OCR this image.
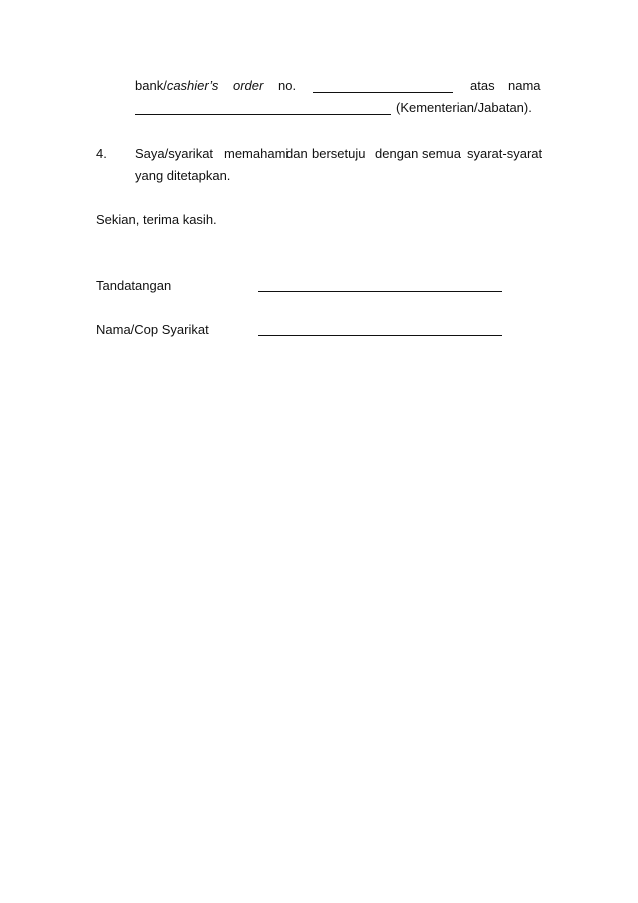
bank/cashier’s order no.	atas nama
(Kementerian/Jabatan).
4. Saya/syarikat memahami
dan bersetuju dengan semua syarat-syarat
yang ditetapkan.
Sekian, terima kasih.
Tandatangan
Nama/Cop Syarikat
